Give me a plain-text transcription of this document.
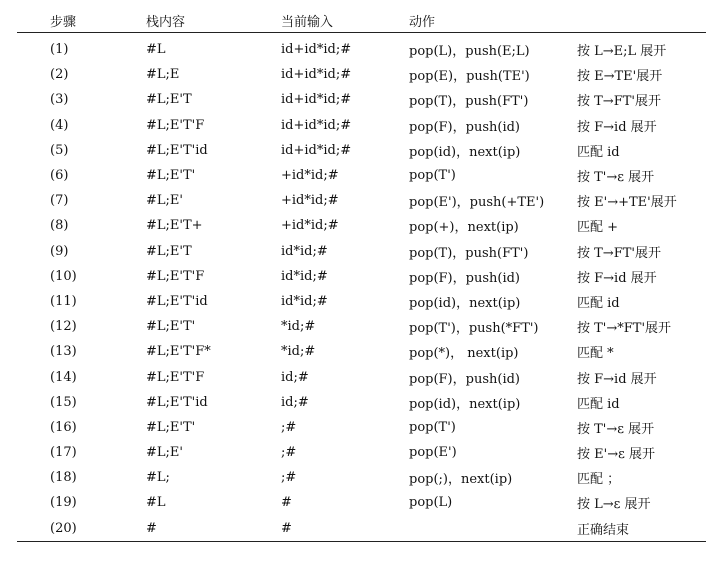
步骤	栈内容	当前输入	动作	
(1)	#L	id+id*id;#	pop(L)，push(E;L)	按 L→E;L 展开
(2)	#L;E	id+id*id;#	pop(E)，push(TE')	按 E→TE'展开
(3)	#L;E'T	id+id*id;#	pop(T)，push(FT')	按 T→FT'展开
(4)	#L;E'T'F	id+id*id;#	pop(F)，push(id)	按 F→id 展开
(5)	#L;E'T'id	id+id*id;#	pop(id)，next(ip)	匹配 id
(6)	#L;E'T'	+id*id;#	pop(T')	按 T'→ε 展开
(7)	#L;E'	+id*id;#	pop(E')，push(+TE')	按 E'→+TE'展开
(8)	#L;E'T+	+id*id;#	pop(+)，next(ip)	匹配 +
(9)	#L;E'T	id*id;#	pop(T)，push(FT')	按 T→FT'展开
(10)	#L;E'T'F	id*id;#	pop(F)，push(id)	按 F→id 展开
(11)	#L;E'T'id	id*id;#	pop(id)，next(ip)	匹配 id
(12)	#L;E'T'	*id;#	pop(T')，push(*FT')	按 T'→*FT'展开
(13)	#L;E'T'F*	*id;#	pop(*)， next(ip)	匹配 *
(14)	#L;E'T'F	id;#	pop(F)，push(id)	按 F→id 展开
(15)	#L;E'T'id	id;#	pop(id)，next(ip)	匹配 id
(16)	#L;E'T'	;#	pop(T')	按 T'→ε 展开
(17)	#L;E'	;#	pop(E')	按 E'→ε 展开
(18)	#L;	;#	pop(;)，next(ip)	匹配 ；
(19)	#L	#	pop(L)	按 L→ε 展开
(20)	#	#		正确结束
